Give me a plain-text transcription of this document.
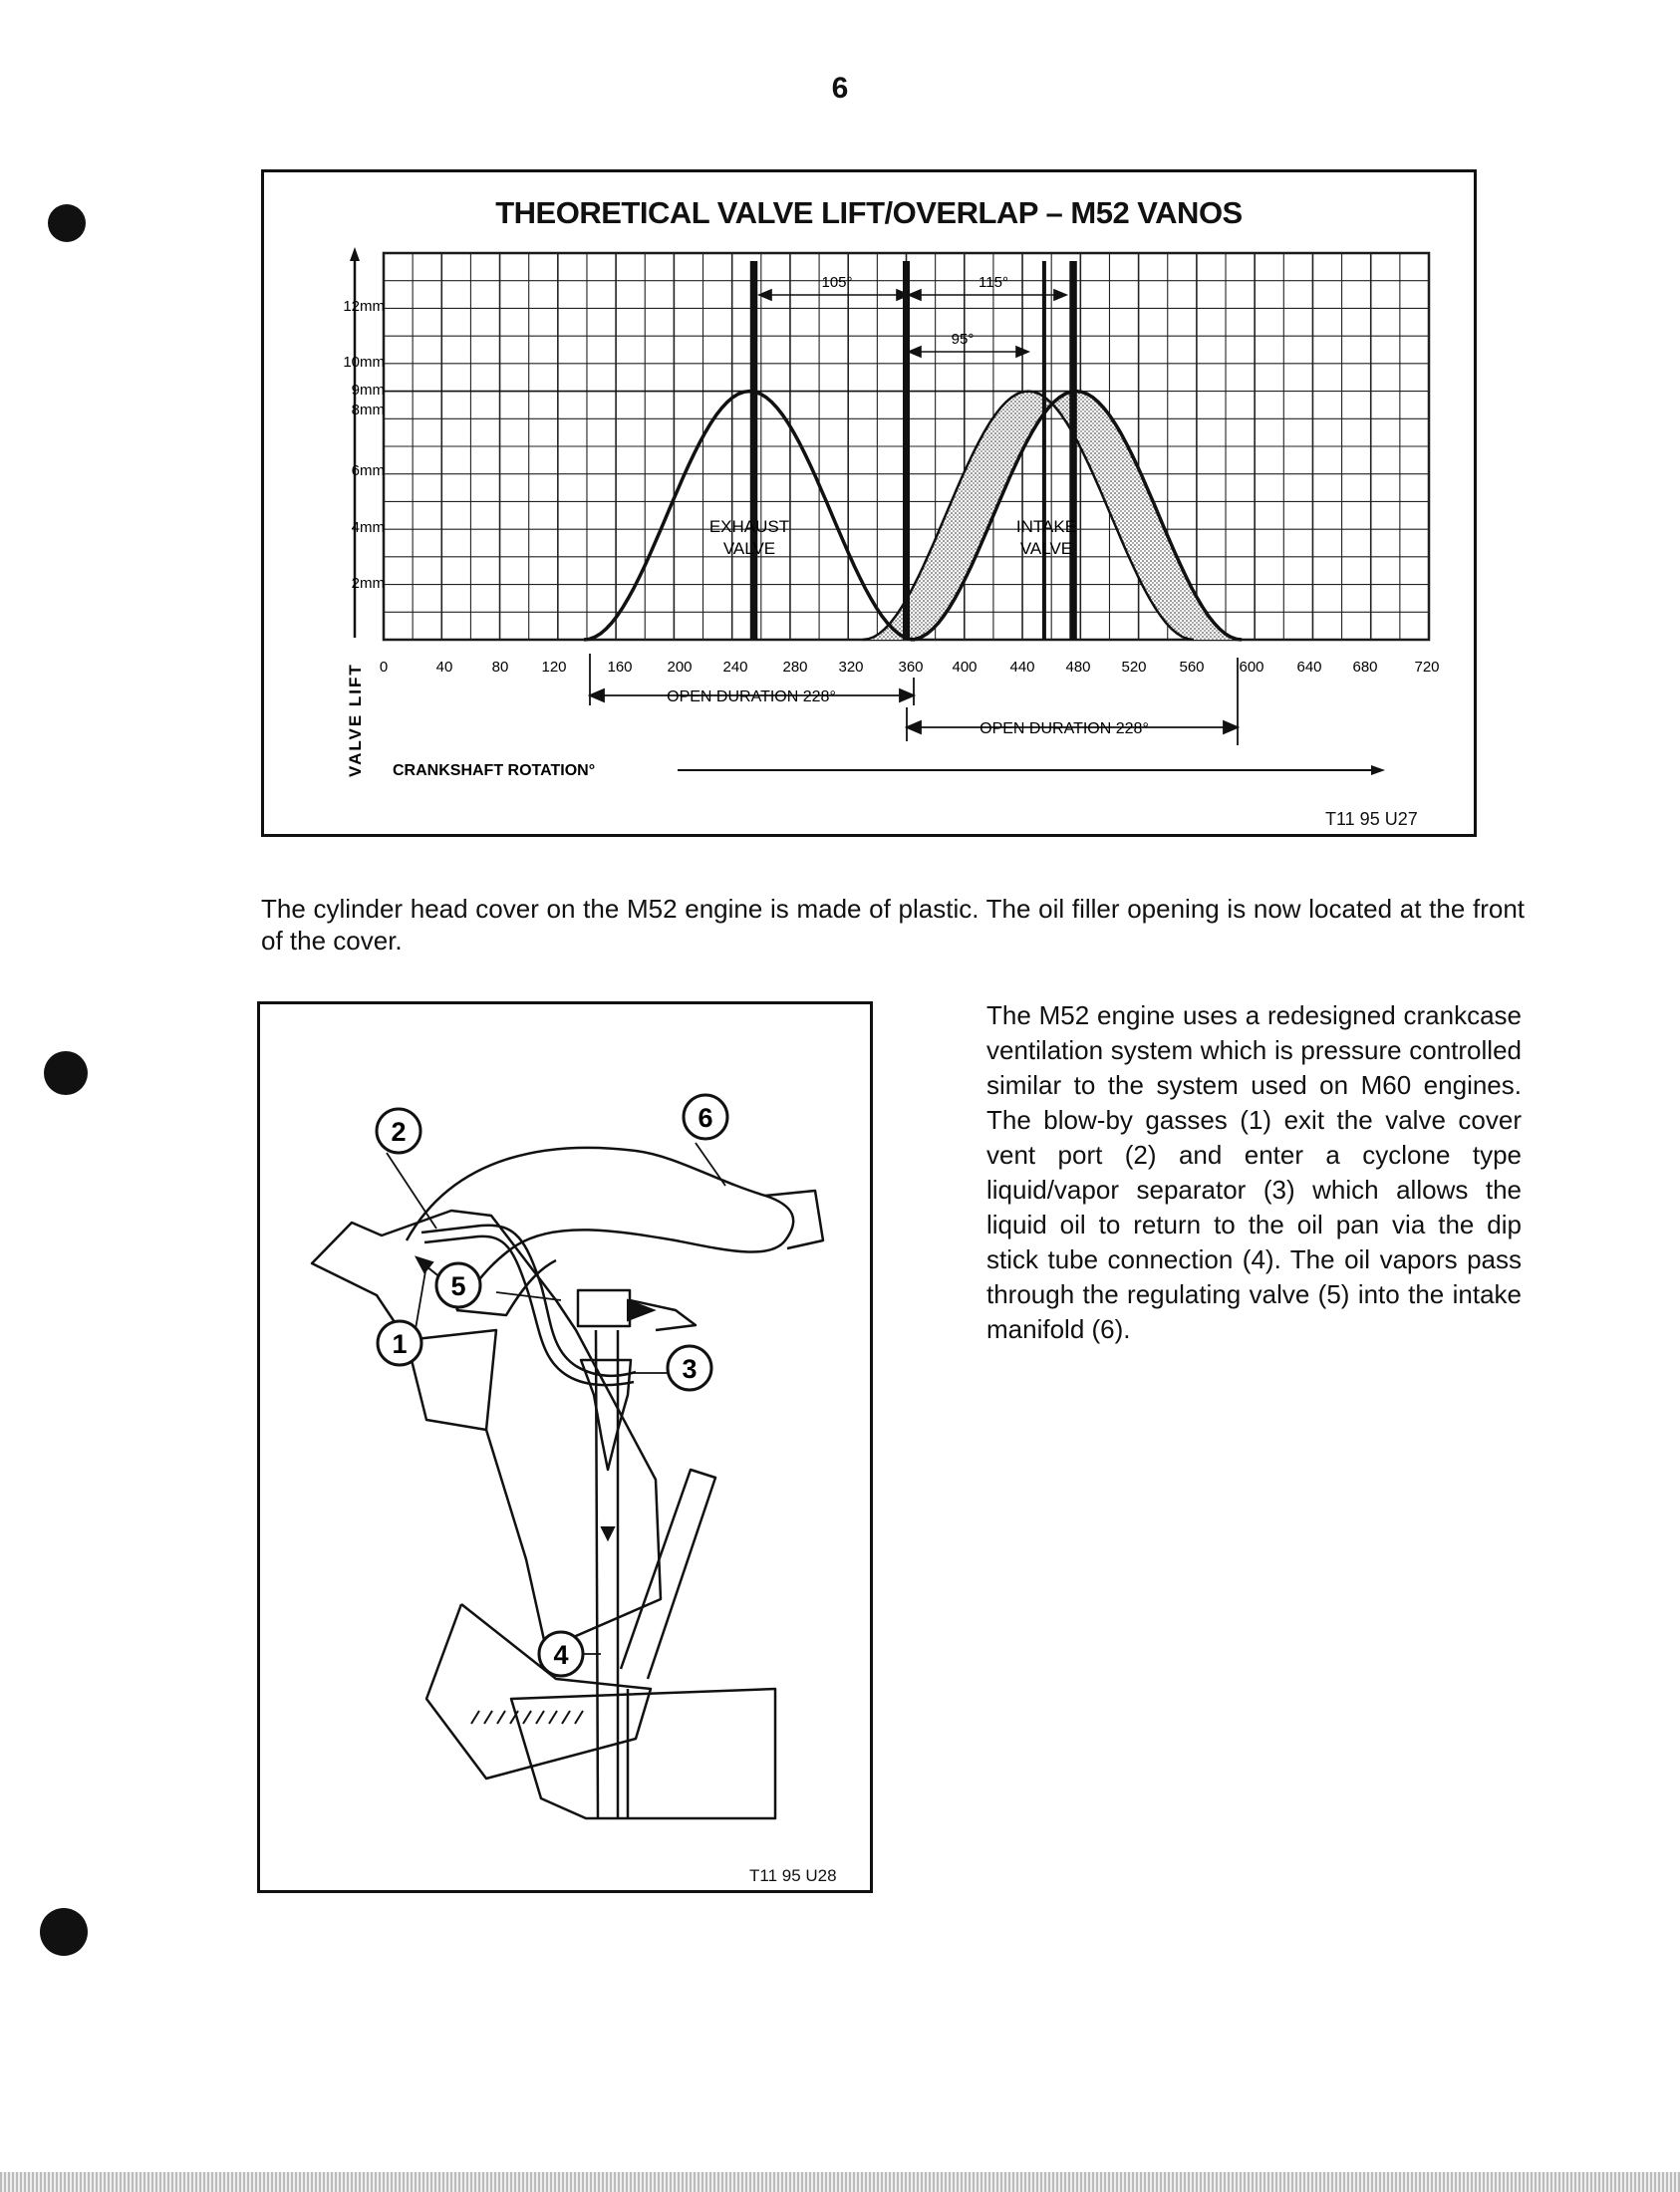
6
THEORETICAL VALVE LIFT/OVERLAP – M52 VANOS
VALVE LIFT
12mm
10mm
9mm
8mm
6mm
4mm
2mm
0	40	80 120	160 200 240 280 320 360 400 440 480 520 560 600 640 680 720
EXHAUST
VALVE
INTAKE
VALVE
105°	115°
95°
OPEN DURATION 228°
OPEN DURATION 228°
CRANKSHAFT ROTATION°
T11 95 U27
The cylinder head cover on the M52 engine is made of plastic. The oil filler opening is now located at the front of the cover.
2	6
5
1
3
4
T11 95 U28
The M52 engine uses a redesigned crankcase ventilation system which is pressure controlled similar to the system used on M60 engines. The blow-by gasses (1) exit the valve cover vent port (2) and enter a cyclone type liquid/vapor separator (3) which allows the liquid oil to return to the oil pan via the dip stick tube connection (4). The oil vapors pass through the regulating valve (5) into the intake manifold (6).
